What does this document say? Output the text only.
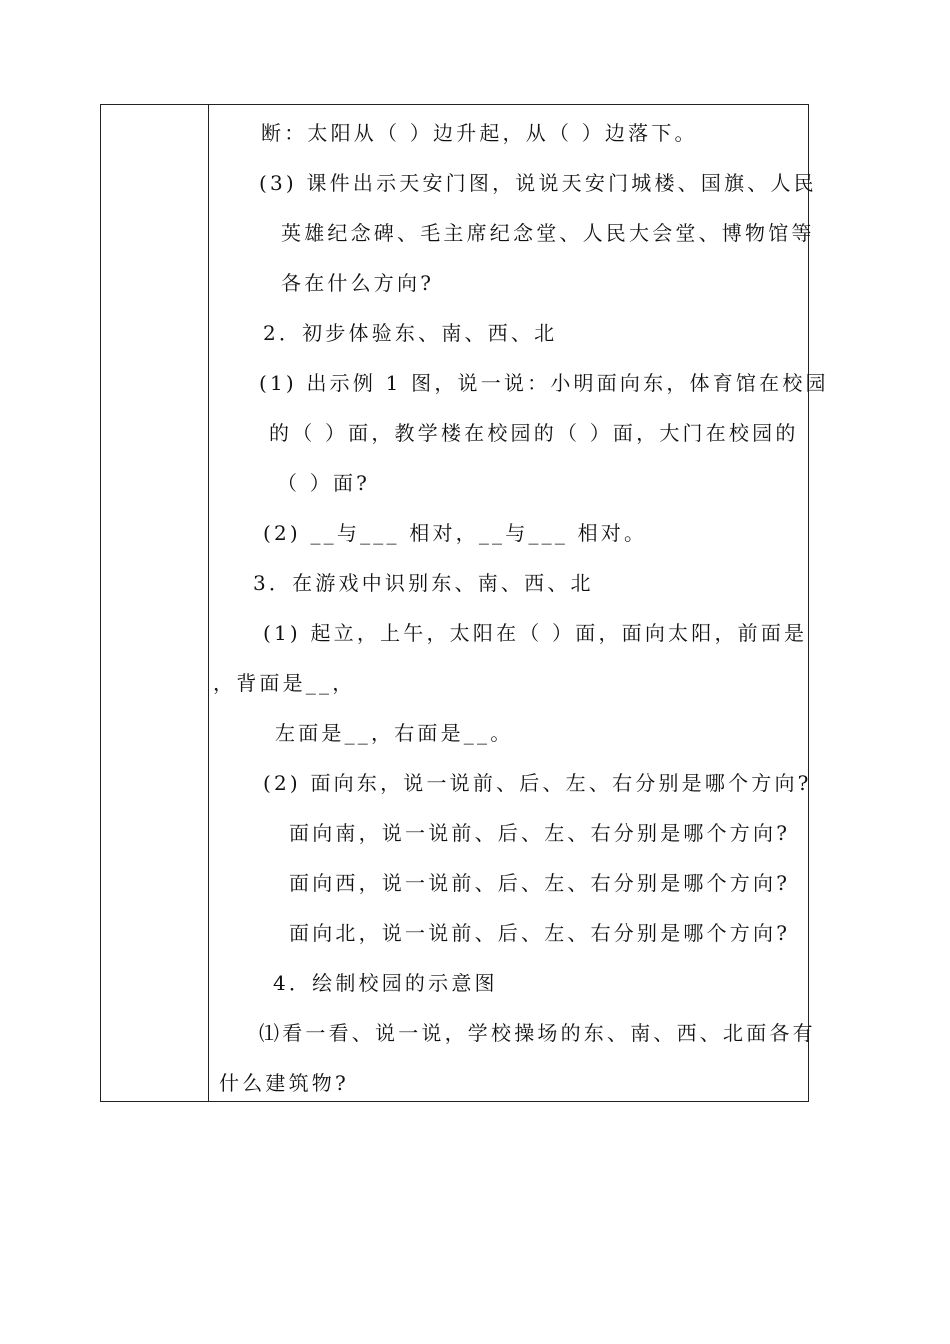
断：太阳从（ ）边升起，从（ ）边落下。
(3) 课件出示天安门图，说说天安门城楼、国旗、人民
英雄纪念碑、毛主席纪念堂、人民大会堂、博物馆等
各在什么方向?
2．初步体验东、南、西、北
(1) 出示例 1 图，说一说：小明面向东，体育馆在校园
的（ ）面，教学楼在校园的（ ）面，大门在校园的
（ ）面?
(2) __与___ 相对，__与___ 相对。
3．在游戏中识别东、南、西、北
(1) 起立，上午，太阳在（ ）面，面向太阳，前面是
，背面是__，
左面是__，右面是__。
(2) 面向东，说一说前、后、左、右分别是哪个方向?
面向南，说一说前、后、左、右分别是哪个方向?
面向西，说一说前、后、左、右分别是哪个方向?
面向北，说一说前、后、左、右分别是哪个方向?
4．绘制校园的示意图
⑴看一看、说一说，学校操场的东、南、西、北面各有
什么建筑物?
